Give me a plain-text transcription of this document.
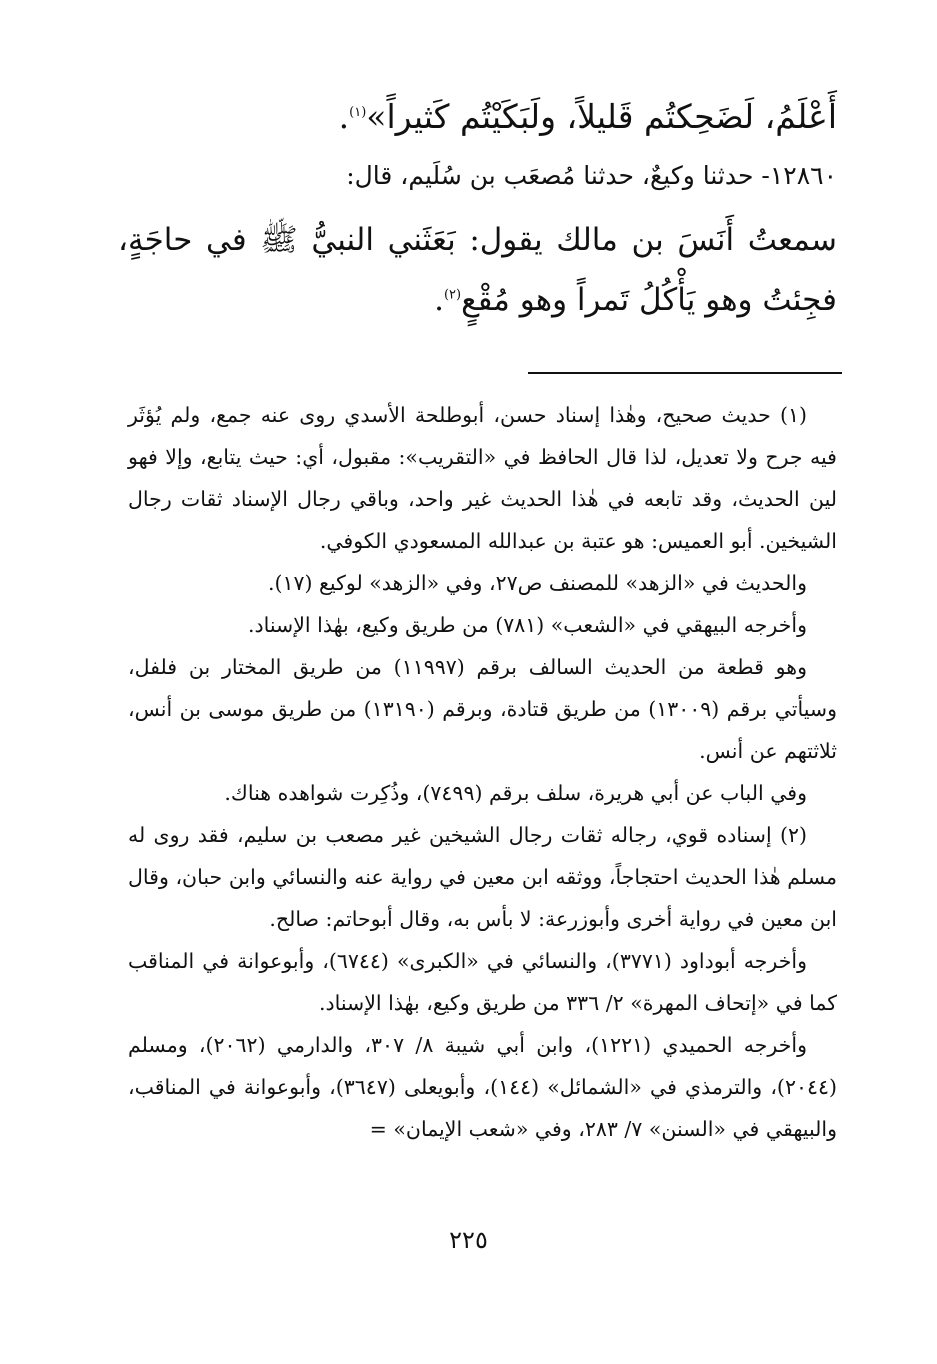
أَعْلَمُ، لَضَحِكتُم قَليلاً، ولَبَكَيْتُم كَثيراً»$^{(١)}$.

١٢٨٦٠- حدثنا وكيعٌ، حدثنا مُصعَب بن سُلَيم، قال:

سمعتُ أَنَسَ بن مالك يقول: بَعَثَني النبيُّ ﷺ في حاجَةٍ، فجِئتُ وهو يَأْكُلُ تَمراً وهو مُقْعٍ$^{(٢)}$.

(١) حديث صحيح، وهٰذا إسناد حسن، أبوطلحة الأسدي روى عنه جمع، ولم يُؤثَر فيه جرح ولا تعديل، لذا قال الحافظ في «التقريب»: مقبول، أي: حيث يتابع، وإلا فهو لين الحديث، وقد تابعه في هٰذا الحديث غير واحد، وباقي رجال الإسناد ثقات رجال الشيخين. أبو العميس: هو عتبة بن عبدالله المسعودي الكوفي.

والحديث في «الزهد» للمصنف ص٢٧، وفي «الزهد» لوكيع (١٧).

وأخرجه البيهقي في «الشعب» (٧٨١) من طريق وكيع، بهٰذا الإسناد.

وهو قطعة من الحديث السالف برقم (١١٩٩٧) من طريق المختار بن فلفل، وسيأتي برقم (١٣٠٠٩) من طريق قتادة، وبرقم (١٣١٩٠) من طريق موسى بن أنس، ثلاثتهم عن أنس.

وفي الباب عن أبي هريرة، سلف برقم (٧٤٩٩)، وذُكِرت شواهده هناك.

(٢) إسناده قوي، رجاله ثقات رجال الشيخين غير مصعب بن سليم، فقد روى له مسلم هٰذا الحديث احتجاجاً، ووثقه ابن معين في رواية عنه والنسائي وابن حبان، وقال ابن معين في رواية أخرى وأبوزرعة: لا بأس به، وقال أبوحاتم: صالح.

وأخرجه أبوداود (٣٧٧١)، والنسائي في «الكبرى» (٦٧٤٤)، وأبوعوانة في المناقب كما في «إتحاف المهرة» ٢/ ٣٣٦ من طريق وكيع، بهٰذا الإسناد.

وأخرجه الحميدي (١٢٢١)، وابن أبي شيبة ٨/ ٣٠٧، والدارمي (٢٠٦٢)، ومسلم (٢٠٤٤)، والترمذي في «الشمائل» (١٤٤)، وأبويعلى (٣٦٤٧)، وأبوعوانة في المناقب، والبيهقي في «السنن» ٧/ ٢٨٣، وفي «شعب الإيمان» =

٢٢٥
